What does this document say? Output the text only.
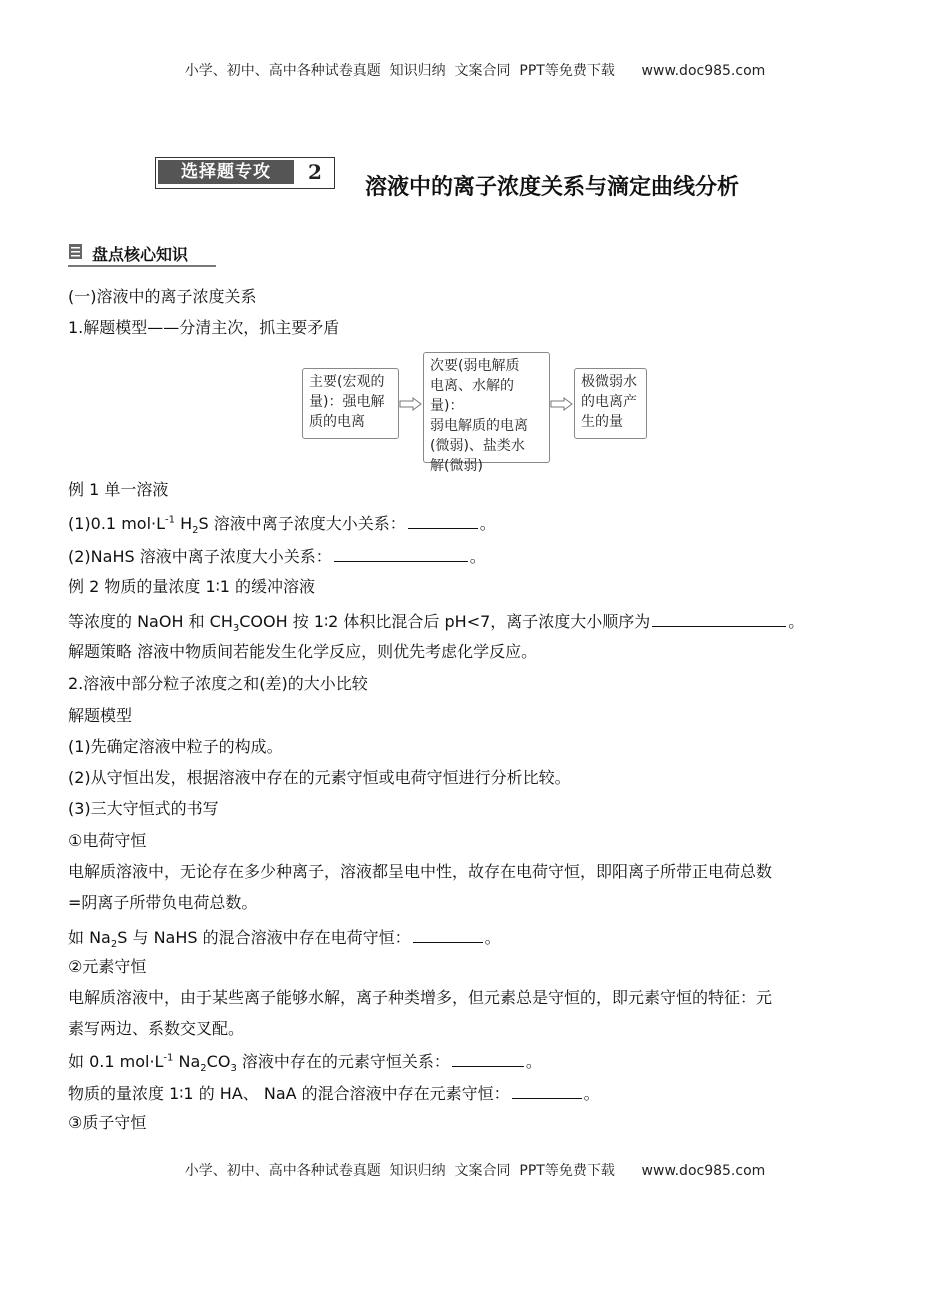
小学、初中、高中各种试卷真题  知识归纳  文案合同  PPT等免费下载      www.doc985.com
选择题专攻	2
溶液中的离子浓度关系与滴定曲线分析
盘点核心知识
(一)溶液中的离子浓度关系
1.解题模型——分清主次，抓主要矛盾
主要(宏观的
量)：强电解
质的电离
次要(弱电解质
电离、水解的量)：
弱电解质的电离
(微弱)、盐类水
解(微弱)
极微弱水
的电离产
生的量
例 1 单一溶液
(1)0.1 $mol\cdot L^{-1}$ $H_2S$ 溶液中离子浓度大小关系：	。
(2)NaHS 溶液中离子浓度大小关系：	。
例 2 物质的量浓度 1∶1 的缓冲溶液
等浓度的 NaOH 和 $CH_3COOH$ 按 1∶2 体积比混合后 pH<7，离子浓度大小顺序为	。
解题策略 溶液中物质间若能发生化学反应，则优先考虑化学反应。
2.溶液中部分粒子浓度之和(差)的大小比较
解题模型
(1)先确定溶液中粒子的构成。
(2)从守恒出发，根据溶液中存在的元素守恒或电荷守恒进行分析比较。
(3)三大守恒式的书写
①电荷守恒
电解质溶液中，无论存在多少种离子，溶液都呈电中性，故存在电荷守恒，即阳离子所带正电荷总数
=阴离子所带负电荷总数。
如 $Na_2S$ 与 NaHS 的混合溶液中存在电荷守恒：	。
②元素守恒
电解质溶液中，由于某些离子能够水解，离子种类增多，但元素总是守恒的，即元素守恒的特征：元
素写两边、系数交叉配。
如 0.1 $mol\cdot L^{-1}$ $Na_2CO_3$ 溶液中存在的元素守恒关系：	。
物质的量浓度 1∶1 的 HA、 NaA 的混合溶液中存在元素守恒：	。
③质子守恒
小学、初中、高中各种试卷真题  知识归纳  文案合同  PPT等免费下载      www.doc985.com
